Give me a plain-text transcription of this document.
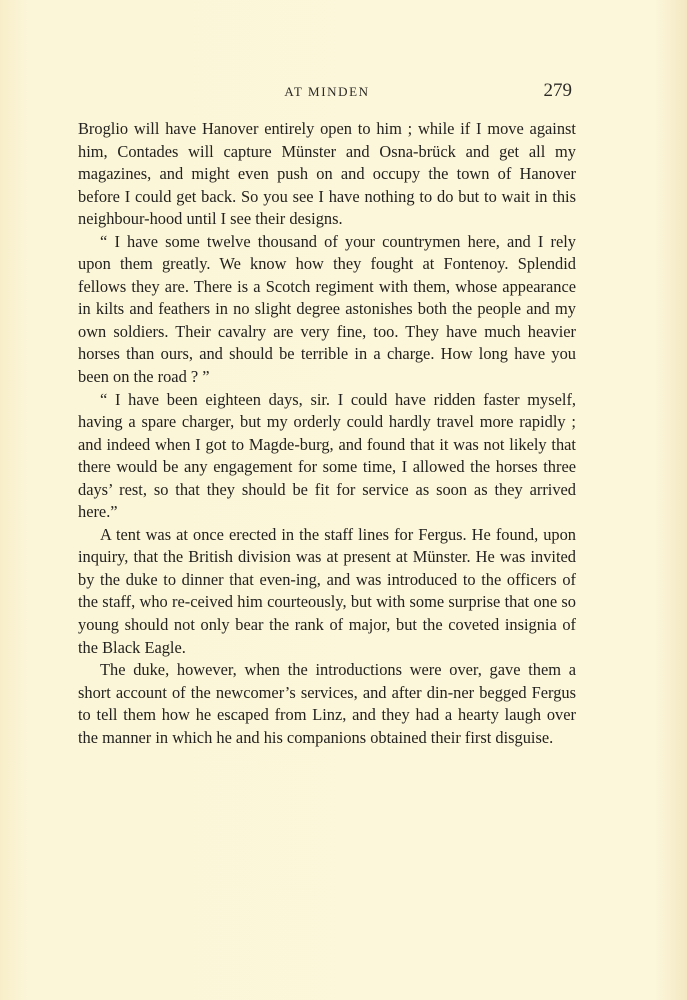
AT MINDEN	279

Broglio will have Hanover entirely open to him ; while if I move against him, Contades will capture Münster and Osna-brück and get all my magazines, and might even push on and occupy the town of Hanover before I could get back. So you see I have nothing to do but to wait in this neighbour-hood until I see their designs.

“ I have some twelve thousand of your countrymen here, and I rely upon them greatly. We know how they fought at Fontenoy. Splendid fellows they are. There is a Scotch regiment with them, whose appearance in kilts and feathers in no slight degree astonishes both the people and my own soldiers. Their cavalry are very fine, too. They have much heavier horses than ours, and should be terrible in a charge. How long have you been on the road ? ”

“ I have been eighteen days, sir. I could have ridden faster myself, having a spare charger, but my orderly could hardly travel more rapidly ; and indeed when I got to Magde-burg, and found that it was not likely that there would be any engagement for some time, I allowed the horses three days’ rest, so that they should be fit for service as soon as they arrived here.”

A tent was at once erected in the staff lines for Fergus. He found, upon inquiry, that the British division was at present at Münster. He was invited by the duke to dinner that even-ing, and was introduced to the officers of the staff, who re-ceived him courteously, but with some surprise that one so young should not only bear the rank of major, but the coveted insignia of the Black Eagle.

The duke, however, when the introductions were over, gave them a short account of the newcomer’s services, and after din-ner begged Fergus to tell them how he escaped from Linz, and they had a hearty laugh over the manner in which he and his companions obtained their first disguise.
